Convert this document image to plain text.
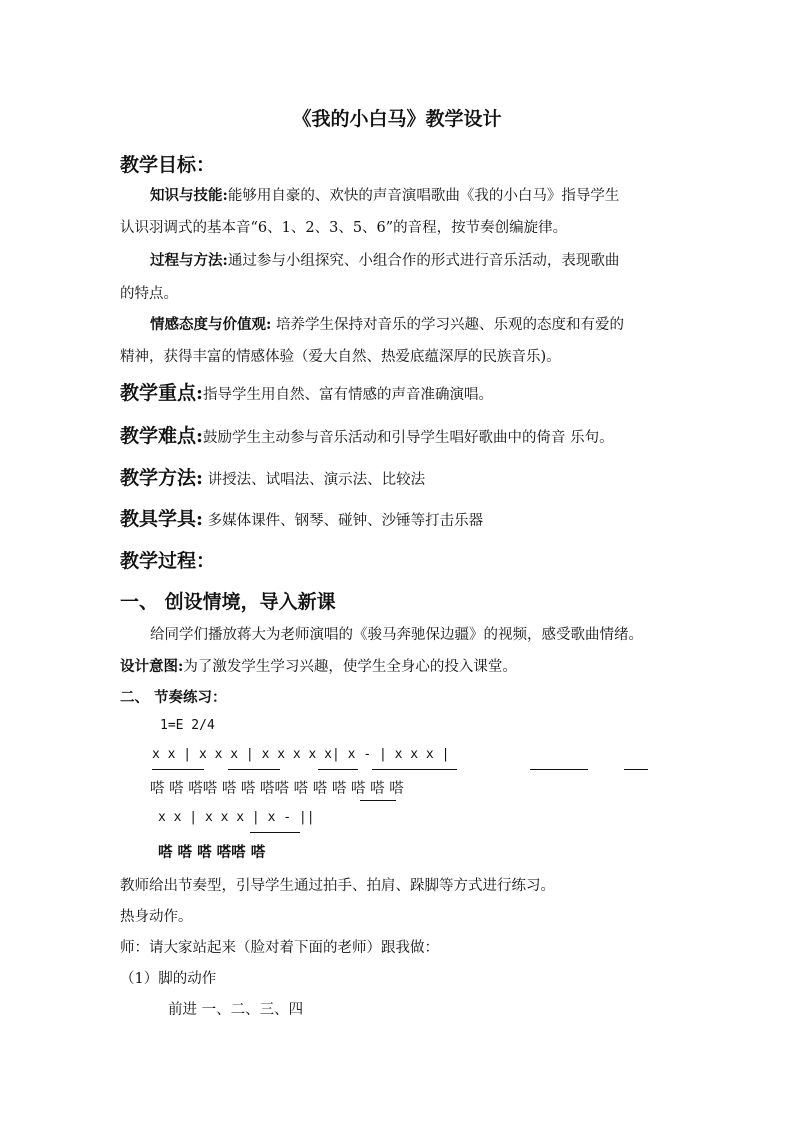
《我的小白马》教学设计
教学目标：
知识与技能:能够用自豪的、欢快的声音演唱歌曲《我的小白马》指导学生
认识羽调式的基本音“6、1、2、3、5、6”的音程，按节奏创编旋律。
过程与方法:通过参与小组探究、小组合作的形式进行音乐活动，表现歌曲
的特点。
情感态度与价值观: 培养学生保持对音乐的学习兴趣、乐观的态度和有爱的
精神，获得丰富的情感体验（爱大自然、热爱底蕴深厚的民族音乐)。
教学重点:指导学生用自然、富有情感的声音准确演唱。
教学难点:鼓励学生主动参与音乐活动和引导学生唱好歌曲中的倚音 乐句。
教学方法: 讲授法、试唱法、演示法、比较法
教具学具: 多媒体课件、钢琴、碰钟、沙锤等打击乐器
教学过程：
一、 创设情境，导入新课
给同学们播放蒋大为老师演唱的《骏马奔驰保边疆》的视频，感受歌曲情绪。
设计意图:为了激发学生学习兴趣，使学生全身心的投入课堂。
二、 节奏练习：
1=E 2/4
x x | x x x | x x x x x| x - | x x x |
嗒 嗒 嗒嗒 嗒 嗒 嗒嗒 嗒 嗒 嗒 嗒 嗒 嗒
x x | x x x | x - ||
嗒 嗒 嗒 嗒嗒 嗒
教师给出节奏型，引导学生通过拍手、拍肩、跺脚等方式进行练习。
热身动作。
师：请大家站起来（脸对着下面的老师）跟我做：
（1）脚的动作
前进 一、二、三、四
